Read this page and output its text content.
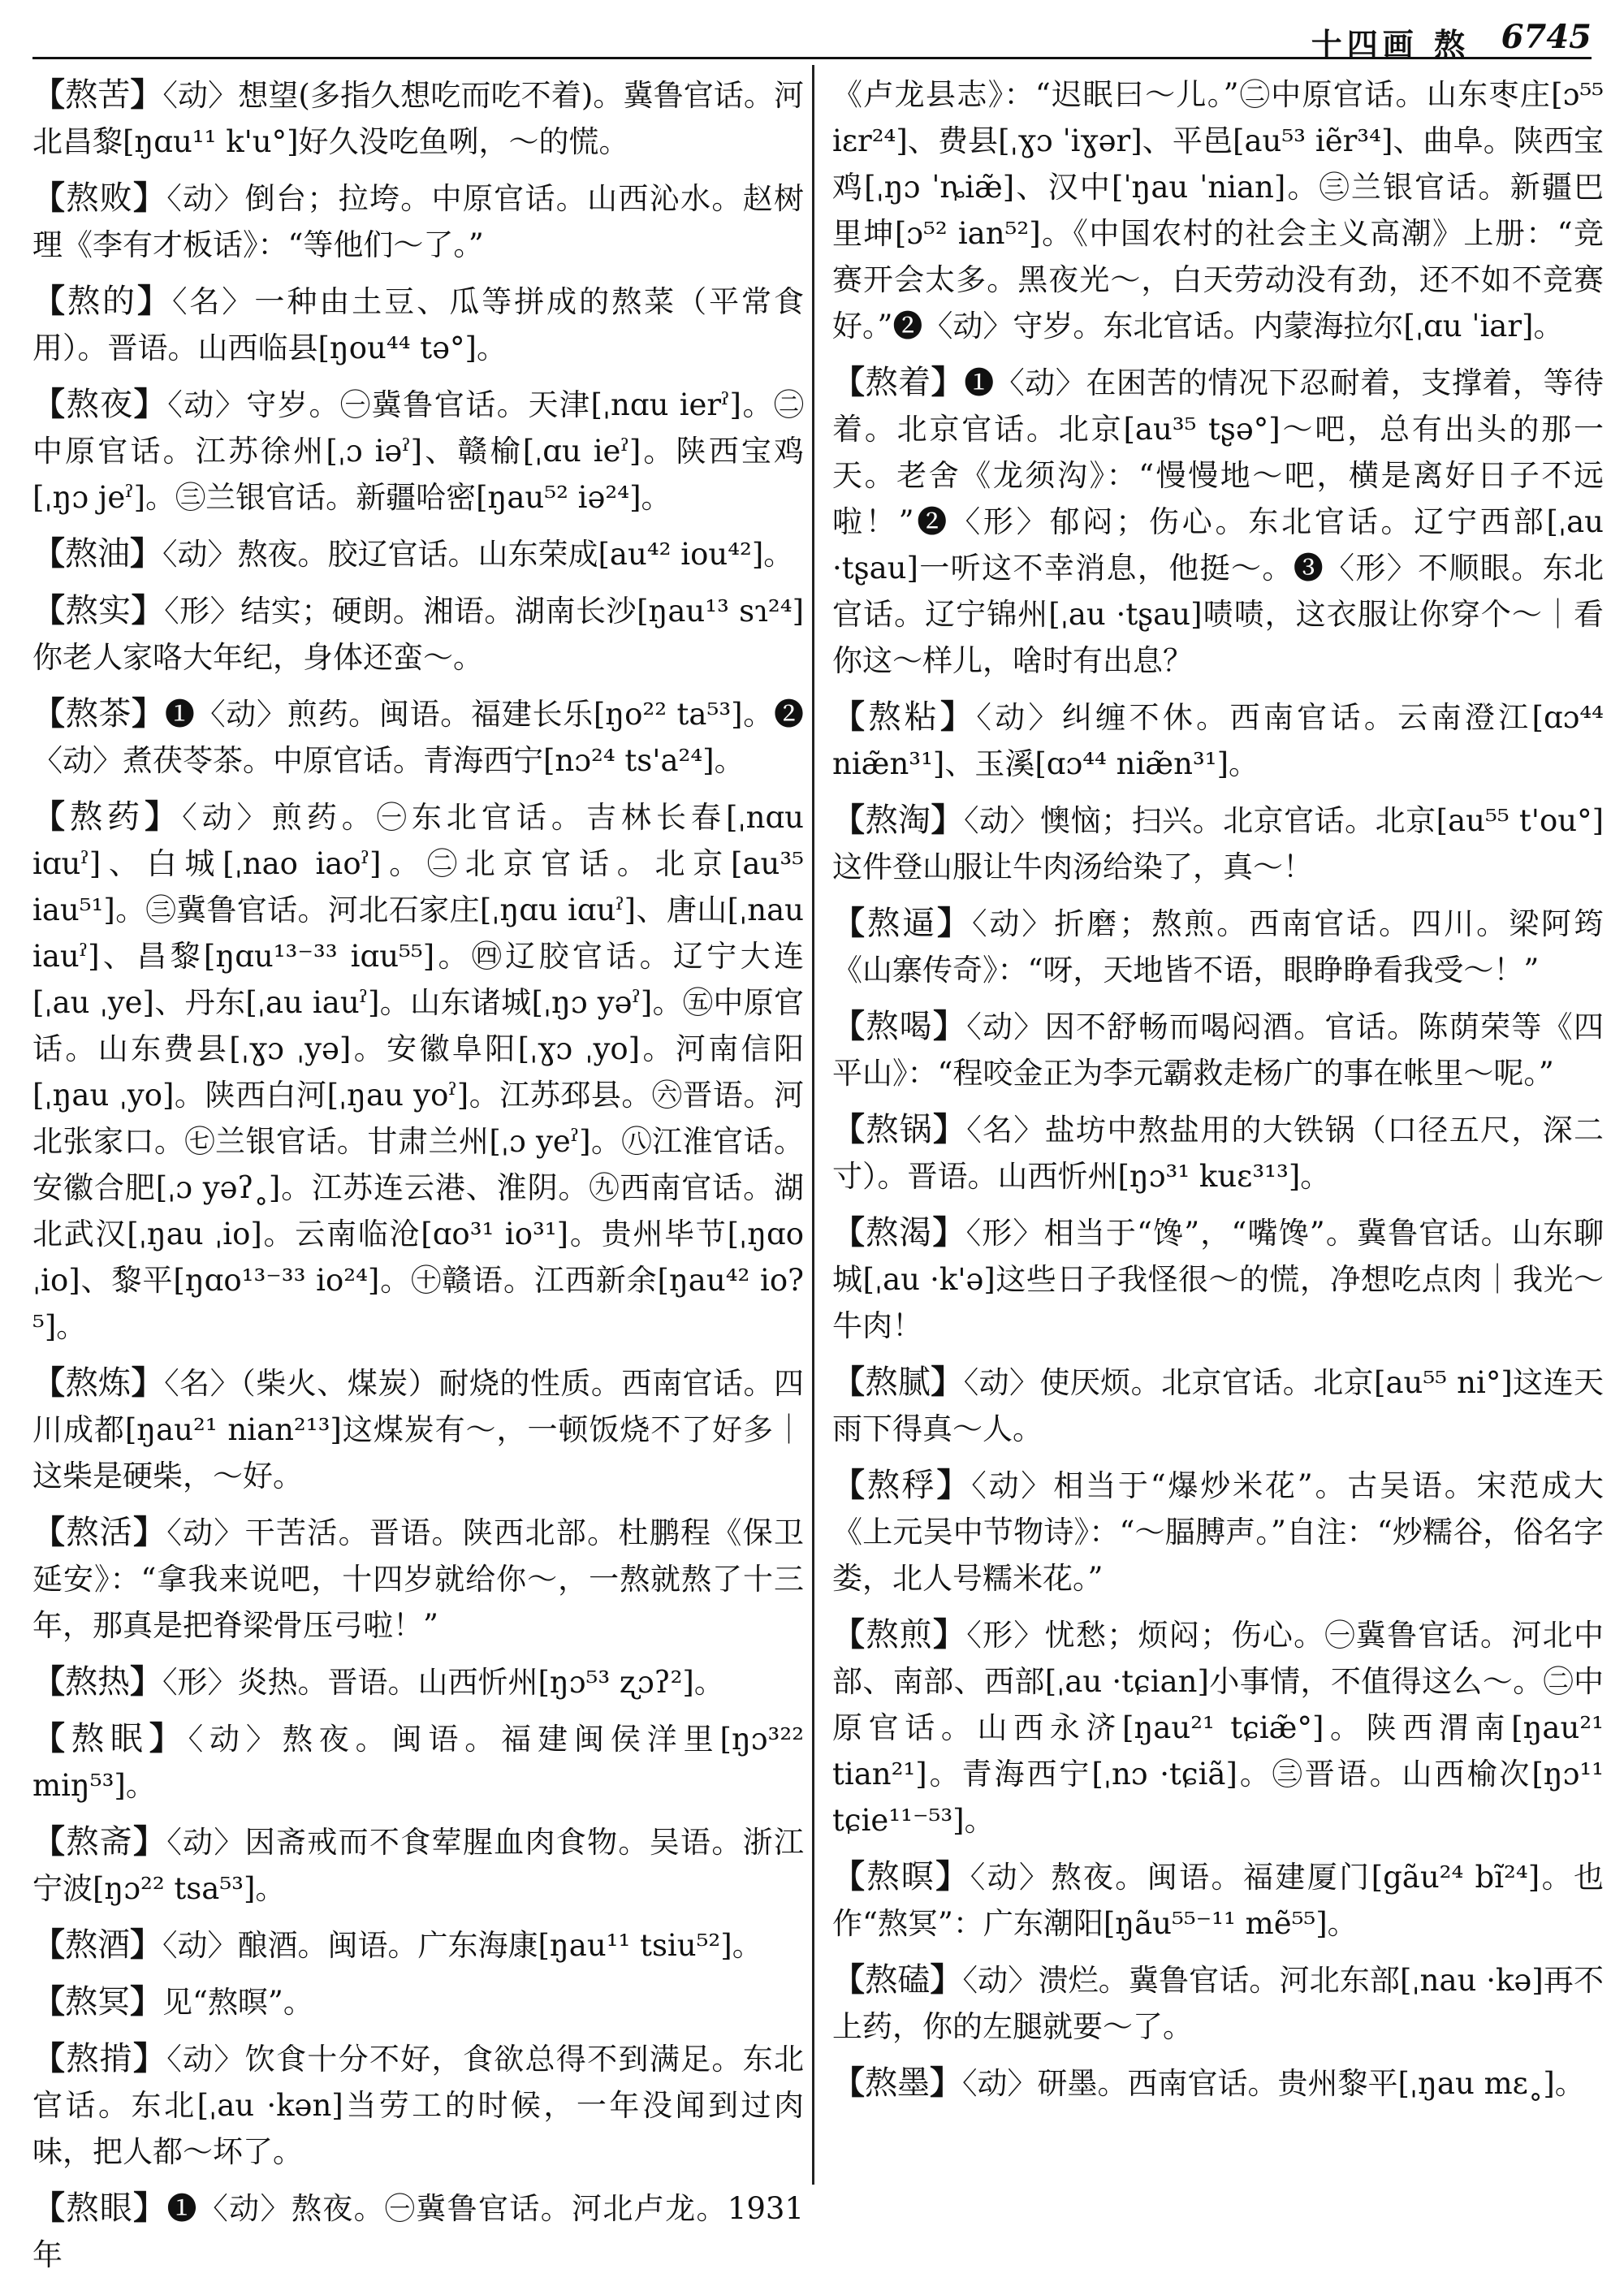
十四画 熬 6745
【熬苦】〈动〉想望(多指久想吃而吃不着)。冀鲁官话。河北昌黎[ŋɑu¹¹ k'u°]好久没吃鱼咧，～的慌。
【熬败】〈动〉倒台；拉垮。中原官话。山西沁水。赵树理《李有才板话》：“等他们～了。”
【熬的】〈名〉一种由土豆、瓜等拼成的熬菜（平常食用）。晋语。山西临县[ŋou⁴⁴ tə°]。
【熬夜】〈动〉守岁。㊀冀鲁官话。天津[ˌnɑu ierˀ]。㊁中原官话。江苏徐州[ˌɔ iəˀ]、赣榆[ˌɑu ieˀ]。陕西宝鸡[ˌŋɔ jeˀ]。㊂兰银官话。新疆哈密[ŋau⁵² iə²⁴]。
【熬油】〈动〉熬夜。胶辽官话。山东荣成[au⁴² iou⁴²]。
【熬实】〈形〉结实；硬朗。湘语。湖南长沙[ŋau¹³ sɿ²⁴]你老人家咯大年纪，身体还蛮～。
【熬茶】❶〈动〉煎药。闽语。福建长乐[ŋo²² ta⁵³]。❷〈动〉煮茯苓茶。中原官话。青海西宁[nɔ²⁴ ts'a²⁴]。
【熬药】〈动〉煎药。㊀东北官话。吉林长春[ˌnɑu iɑuˀ]、白城[ˌnao iaoˀ]。㊁北京官话。北京[au³⁵ iau⁵¹]。㊂冀鲁官话。河北石家庄[ˌŋɑu iɑuˀ]、唐山[ˌnau iauˀ]、昌黎[ŋɑu¹³⁻³³ iɑu⁵⁵]。㊃辽胶官话。辽宁大连[ˌau ˌye]、丹东[ˌau iauˀ]。山东诸城[ˌŋɔ yəˀ]。㊄中原官话。山东费县[ˌɣɔ ˌyə]。安徽阜阳[ˌɣɔ ˌyo]。河南信阳[ˌŋau ˌyo]。陕西白河[ˌŋau yoˀ]。江苏邳县。㊅晋语。河北张家口。㊆兰银官话。甘肃兰州[ˌɔ yeˀ]。㊇江淮官话。安徽合肥[ˌɔ yəʔ˳]。江苏连云港、淮阴。㊈西南官话。湖北武汉[ˌŋau ˌio]。云南临沧[ɑo³¹ io³¹]。贵州毕节[ˌŋɑo ˌio]、黎平[ŋɑo¹³⁻³³ io²⁴]。㊉赣语。江西新余[ŋau⁴² io?⁵]。
【熬炼】〈名〉（柴火、煤炭）耐烧的性质。西南官话。四川成都[ŋau²¹ nian²¹³]这煤炭有～，一顿饭烧不了好多｜这柴是硬柴，～好。
【熬活】〈动〉干苦活。晋语。陕西北部。杜鹏程《保卫延安》：“拿我来说吧，十四岁就给你～，一熬就熬了十三年，那真是把脊梁骨压弓啦！”
【熬热】〈形〉炎热。晋语。山西忻州[ŋɔ⁵³ ʐɔʔ²]。
【熬眠】〈动〉熬夜。闽语。福建闽侯洋里[ŋɔ³²² miŋ⁵³]。
【熬斋】〈动〉因斋戒而不食荤腥血肉食物。吴语。浙江宁波[ŋɔ²² tsa⁵³]。
【熬酒】〈动〉酿酒。闽语。广东海康[ŋau¹¹ tsiu⁵²]。
【熬冥】见“熬暝”。
【熬掯】〈动〉饮食十分不好，食欲总得不到满足。东北官话。东北[ˌau ·kən]当劳工的时候，一年没闻到过肉味，把人都～坏了。
【熬眼】❶〈动〉熬夜。㊀冀鲁官话。河北卢龙。1931年
《卢龙县志》：“迟眠曰～儿。”㊁中原官话。山东枣庄[ɔ⁵⁵ iɛr²⁴]、费县[ˌɣɔ ˈiɣər]、平邑[au⁵³ iẽr³⁴]、曲阜。陕西宝鸡[ˌŋɔ ˈȵiæ̃]、汉中[ˈŋau ˈnian]。㊂兰银官话。新疆巴里坤[ɔ⁵² ian⁵²]。《中国农村的社会主义高潮》上册：“竞赛开会太多。黑夜光～，白天劳动没有劲，还不如不竞赛好。”❷〈动〉守岁。东北官话。内蒙海拉尔[ˌɑu ˈiar]。
【熬着】❶〈动〉在困苦的情况下忍耐着，支撑着，等待着。北京官话。北京[au³⁵ tʂə°]～吧，总有出头的那一天。老舍《龙须沟》：“慢慢地～吧，横是离好日子不远啦！”❷〈形〉郁闷；伤心。东北官话。辽宁西部[ˌau ·tʂau]一听这不幸消息，他挺～。❸〈形〉不顺眼。东北官话。辽宁锦州[ˌau ·tʂau]啧啧，这衣服让你穿个～｜看你这～样儿，啥时有出息？
【熬粘】〈动〉纠缠不休。西南官话。云南澄江[ɑɔ⁴⁴ niæ̃n³¹]、玉溪[ɑɔ⁴⁴ niæ̃n³¹]。
【熬淘】〈动〉懊恼；扫兴。北京官话。北京[au⁵⁵ t'ou°]这件登山服让牛肉汤给染了，真～！
【熬逼】〈动〉折磨；熬煎。西南官话。四川。梁阿筠《山寨传奇》：“呀，天地皆不语，眼睁睁看我受～！”
【熬喝】〈动〉因不舒畅而喝闷酒。官话。陈荫荣等《四平山》：“程咬金正为李元霸救走杨广的事在帐里～呢。”
【熬锅】〈名〉盐坊中熬盐用的大铁锅（口径五尺，深二寸）。晋语。山西忻州[ŋɔ³¹ kuɛ³¹³]。
【熬渴】〈形〉相当于“馋”，“嘴馋”。冀鲁官话。山东聊城[ˌau ·k'ə]这些日子我怪很～的慌，净想吃点肉｜我光～牛肉！
【熬腻】〈动〉使厌烦。北京官话。北京[au⁵⁵ ni°]这连天雨下得真～人。
【熬稃】〈动〉相当于“爆炒米花”。古吴语。宋范成大《上元吴中节物诗》：“～腷膊声。”自注：“炒糯谷，俗名字娄，北人号糯米花。”
【熬煎】〈形〉忧愁；烦闷；伤心。㊀冀鲁官话。河北中部、南部、西部[ˌau ·tɕian]小事情，不值得这么～。㊁中原官话。山西永济[ŋau²¹ tɕiæ̃°]。陕西渭南[ŋau²¹ tian²¹]。青海西宁[ˌnɔ ·tɕiã]。㊂晋语。山西榆次[ŋɔ¹¹ tɕie¹¹⁻⁵³]。
【熬暝】〈动〉熬夜。闽语。福建厦门[gãu²⁴ bĩ²⁴]。也作“熬冥”：广东潮阳[ŋãu⁵⁵⁻¹¹ mẽ⁵⁵]。
【熬磕】〈动〉溃烂。冀鲁官话。河北东部[ˌnau ·kə]再不上药，你的左腿就要～了。
【熬墨】〈动〉研墨。西南官话。贵州黎平[ˌŋau mɛ˳]。
